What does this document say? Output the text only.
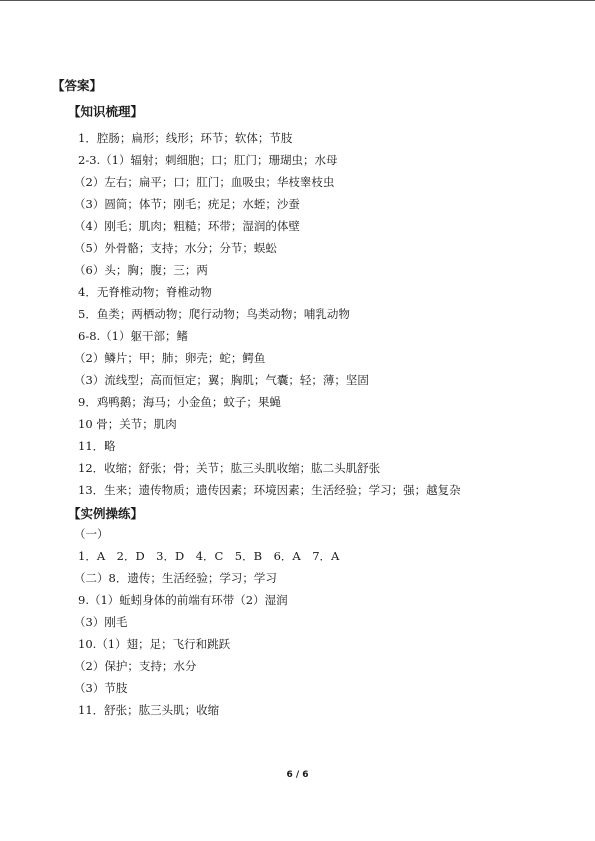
【答案】
【知识梳理】
1．腔肠；扁形；线形；环节；软体；节肢
2-3.（1）辐射；刺细胞；口；肛门；珊瑚虫；水母
（2）左右；扁平；口；肛门；血吸虫；华枝睾枝虫
（3）圆筒；体节；刚毛；疣足；水蛭；沙蚕
（4）刚毛；肌肉；粗糙；环带；湿润的体壁
（5）外骨骼；支持；水分；分节；蜈蚣
（6）头；胸；腹；三；两
4．无脊椎动物；脊椎动物
5．鱼类；两栖动物；爬行动物；鸟类动物；哺乳动物
6-8.（1）躯干部；鳍
（2）鳞片；甲；肺；卵壳；蛇；鳄鱼
（3）流线型；高而恒定；翼；胸肌；气囊；轻；薄；坚固
9．鸡鸭鹅；海马；小金鱼；蚊子；果蝇
10 骨；关节；肌肉
11．略
12．收缩；舒张；骨；关节；肱三头肌收缩；肱二头肌舒张
13．生来；遗传物质；遗传因素；环境因素；生活经验；学习；强；越复杂
【实例操练】
（一）
1．A　2．D　3．D　4．C　5．B　6．A　7．A
（二）8．遗传；生活经验；学习；学习
9.（1）蚯蚓身体的前端有环带（2）湿润
（3）刚毛
10.（1）翅；足；飞行和跳跃
（2）保护；支持；水分
（3）节肢
11．舒张；肱三头肌；收缩
6 / 6
